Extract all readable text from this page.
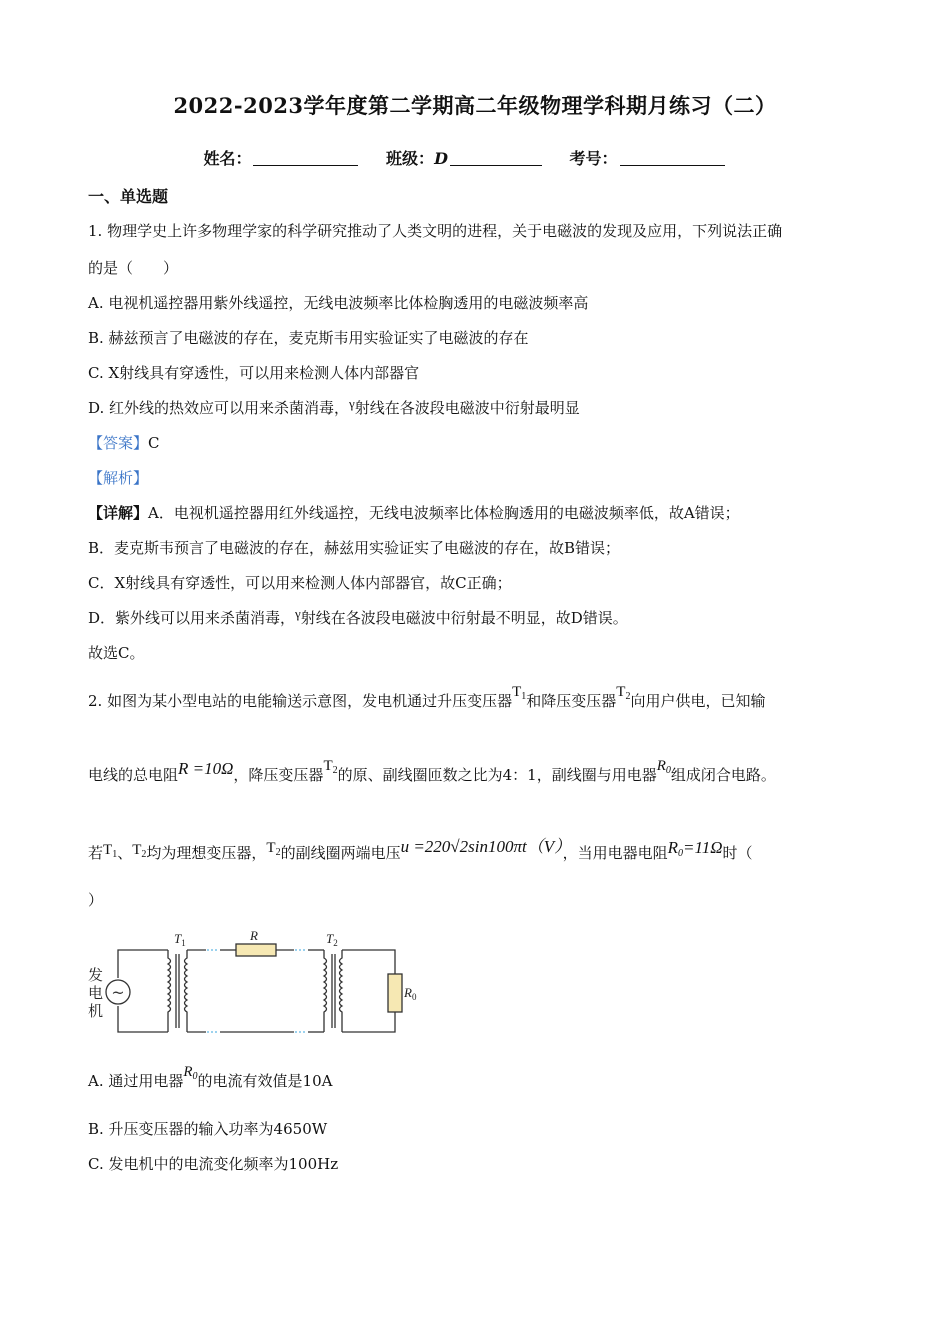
2022-2023学年度第二学期高二年级物理学科期月练习（二）
姓名：	班级：D	考号：
一、单选题
1. 物理学史上许多物理学家的科学研究推动了人类文明的进程，关于电磁波的发现及应用，下列说法正确
的是（　　）
A. 电视机遥控器用紫外线遥控，无线电波频率比体检胸透用的电磁波频率高
B. 赫兹预言了电磁波的存在，麦克斯韦用实验证实了电磁波的存在
C. X射线具有穿透性，可以用来检测人体内部器官
D. 红外线的热效应可以用来杀菌消毒，γ射线在各波段电磁波中衍射最明显
【答案】C
【解析】
【详解】A．电视机遥控器用红外线遥控，无线电波频率比体检胸透用的电磁波频率低，故A错误；
B．麦克斯韦预言了电磁波的存在，赫兹用实验证实了电磁波的存在，故B错误；
C．X射线具有穿透性，可以用来检测人体内部器官，故C正确；
D．紫外线可以用来杀菌消毒，γ射线在各波段电磁波中衍射最不明显，故D错误。
故选C。
2. 如图为某小型电站的电能输送示意图，发电机通过升压变压器$T_1$和降压变压器$T_2$向用户供电，已知输
电线的总电阻R =10Ω，降压变压器$T_2$的原、副线圈匝数之比为4：1，副线圈与用电器$R_0$组成闭合电路。
若$T_1$、$T_2$均为理想变压器，$T_2$的副线圈两端电压u =220√2sin100πt（V），当用电器电阻$R_0=11\Omega$时（
）
~
发
电
机
$T_1$	R	$T_2$
$R_0$
A. 通过用电器$R_0$的电流有效值是10A
B. 升压变压器的输入功率为4650W
C. 发电机中的电流变化频率为100Hz
